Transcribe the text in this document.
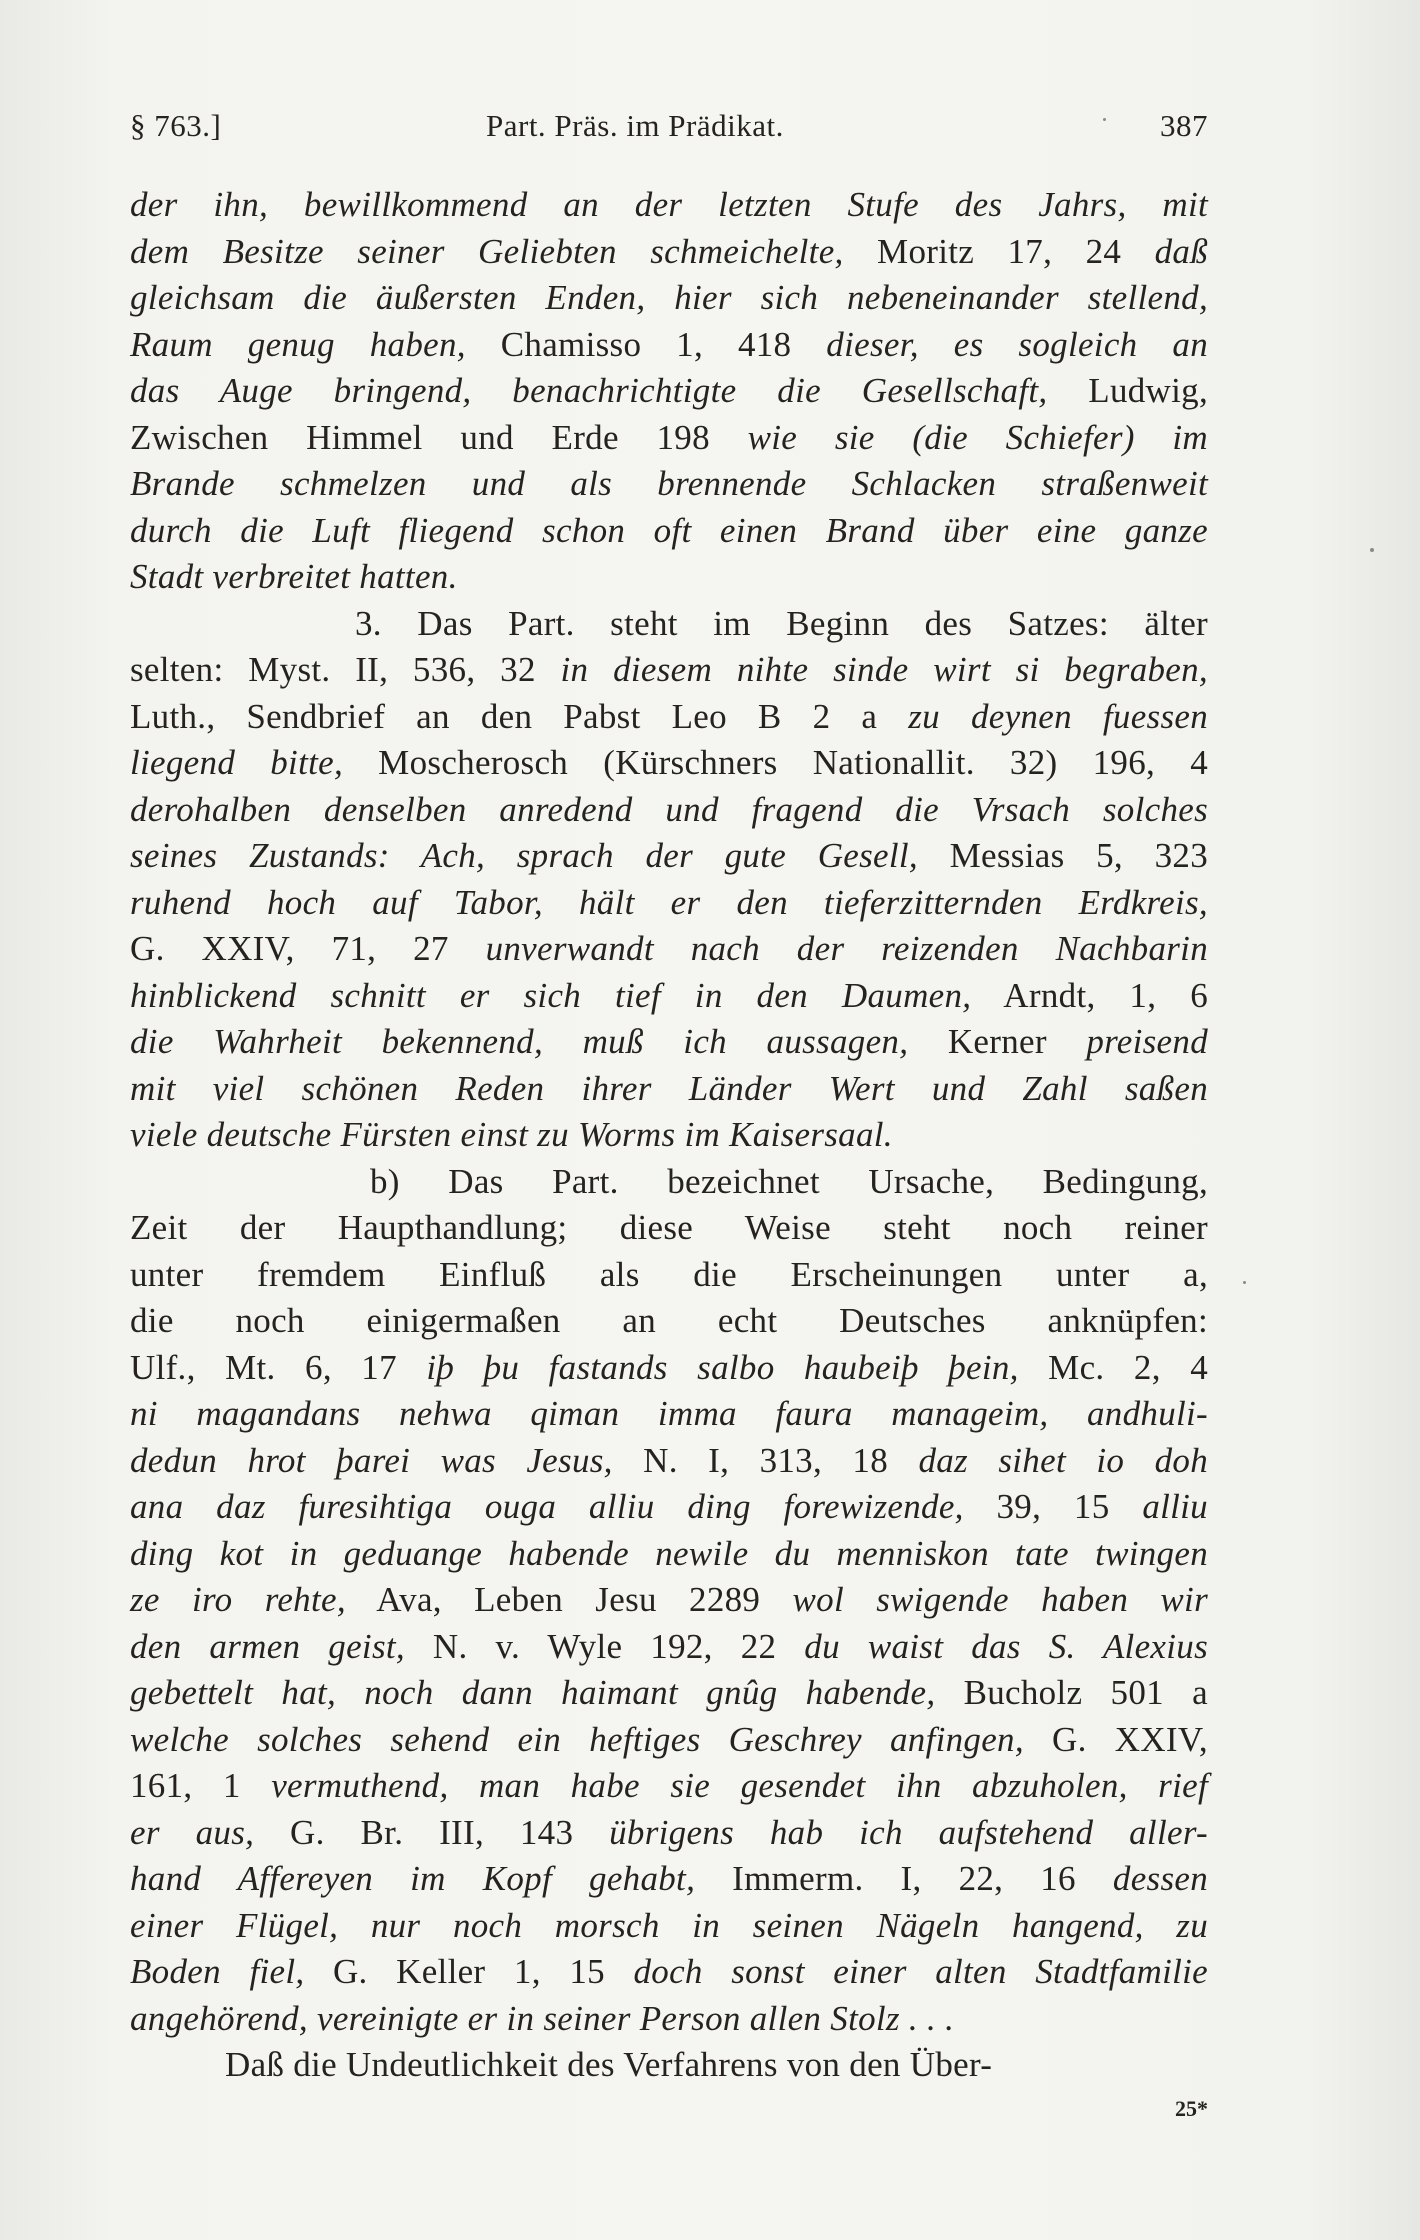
§ 763.]	Part. Präs. im Prädikat.	387
der ihn, bewillkommend an der letzten Stufe des Jahrs, mit
dem Besitze seiner Geliebten schmeichelte, Moritz 17, 24 daß
gleichsam die äußersten Enden, hier sich nebeneinander stellend,
Raum genug haben, Chamisso 1, 418 dieser, es sogleich an
das Auge bringend, benachrichtigte die Gesellschaft, Ludwig,
Zwischen Himmel und Erde 198 wie sie (die Schiefer) im
Brande schmelzen und als brennende Schlacken straßenweit
durch die Luft fliegend schon oft einen Brand über eine ganze
Stadt verbreitet hatten.
3. Das Part. steht im Beginn des Satzes: älter
selten: Myst. II, 536, 32 in diesem nihte sinde wirt si begraben,
Luth., Sendbrief an den Pabst Leo B 2 a zu deynen fuessen
liegend bitte, Moscherosch (Kürschners Nationallit. 32) 196, 4
derohalben denselben anredend und fragend die Vrsach solches
seines Zustands: Ach, sprach der gute Gesell, Messias 5, 323
ruhend hoch auf Tabor, hält er den tieferzitternden Erdkreis,
G. XXIV, 71, 27 unverwandt nach der reizenden Nachbarin
hinblickend schnitt er sich tief in den Daumen, Arndt, 1, 6
die Wahrheit bekennend, muß ich aussagen, Kerner preisend
mit viel schönen Reden ihrer Länder Wert und Zahl saßen
viele deutsche Fürsten einst zu Worms im Kaisersaal.
b) Das Part. bezeichnet Ursache, Bedingung,
Zeit der Haupthandlung; diese Weise steht noch reiner
unter fremdem Einfluß als die Erscheinungen unter a,
die noch einigermaßen an echt Deutsches anknüpfen:
Ulf., Mt. 6, 17 iþ þu fastands salbo haubeiþ þein, Mc. 2, 4
ni magandans nehwa qiman imma faura manageim, andhuli-
dedun hrot þarei was Jesus, N. I, 313, 18 daz sihet io doh
ana daz furesihtiga ouga alliu ding forewizende, 39, 15 alliu
ding kot in geduange habende newile du menniskon tate twingen
ze iro rehte, Ava, Leben Jesu 2289 wol swigende haben wir
den armen geist, N. v. Wyle 192, 22 du waist das S. Alexius
gebettelt hat, noch dann haimant gnûg habende, Bucholz 501 a
welche solches sehend ein heftiges Geschrey anfingen, G. XXIV,
161, 1 vermuthend, man habe sie gesendet ihn abzuholen, rief
er aus, G. Br. III, 143 übrigens hab ich aufstehend aller-
hand Affereyen im Kopf gehabt, Immerm. I, 22, 16 dessen
einer Flügel, nur noch morsch in seinen Nägeln hangend, zu
Boden fiel, G. Keller 1, 15 doch sonst einer alten Stadtfamilie
angehörend, vereinigte er in seiner Person allen Stolz . . .
Daß die Undeutlichkeit des Verfahrens von den Über-
25*
